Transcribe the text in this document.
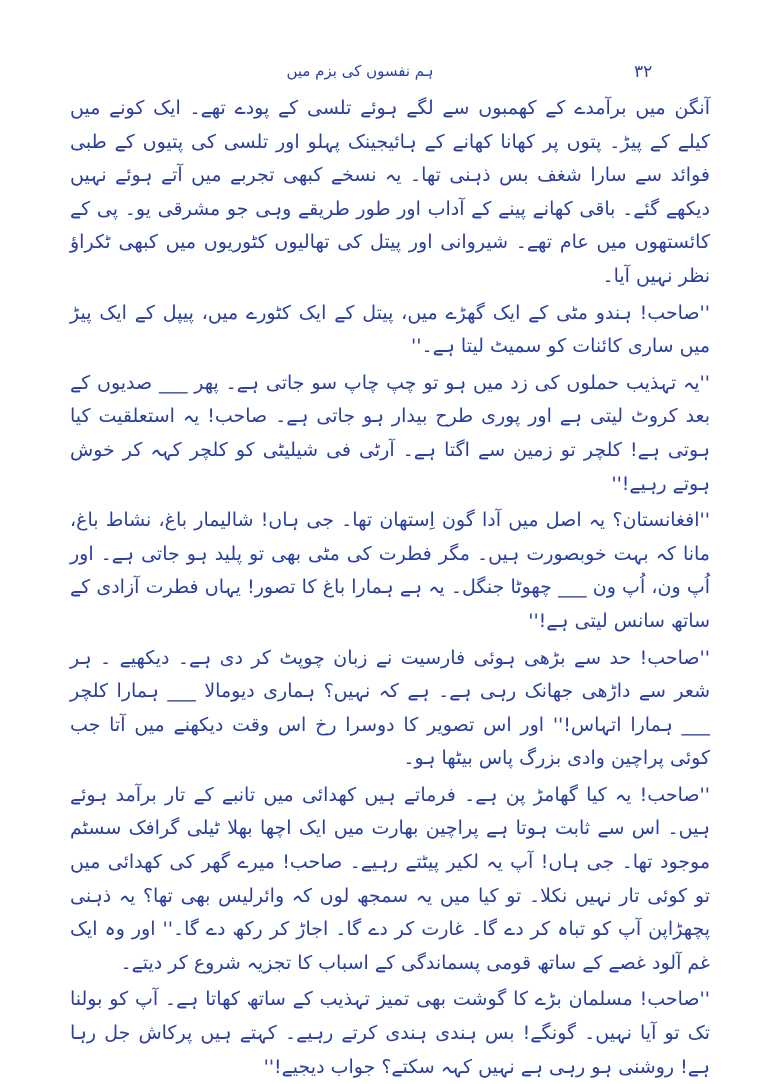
۳۲
ہم نفسوں کی بزم میں

آنگن میں برآمدے کے کھمبوں سے لگے ہوئے تلسی کے پودے تھے۔ ایک کونے میں کیلے کے پیڑ۔ پتوں پر کھانا کھانے کے ہائیجینک پہلو اور تلسی کی پتیوں کے طبی فوائد سے سارا شغف بس ذہنی تھا۔ یہ نسخے کبھی تجربے میں آتے ہوئے نہیں دیکھے گئے۔ باقی کھانے پینے کے آداب اور طور طریقے وہی جو مشرقی یو۔ پی کے کائستھوں میں عام تھے۔ شیروانی اور پیتل کی تھالیوں کٹوریوں میں کبھی ٹکراؤ نظر نہیں آیا۔

''صاحب! ہندو مٹی کے ایک گھڑے میں، پیتل کے ایک کٹورے میں، پیپل کے ایک پیڑ میں ساری کائنات کو سمیٹ لیتا ہے۔''

''یہ تہذیب حملوں کی زد میں ہو تو چپ چاپ سو جاتی ہے۔ پھر ___ صدیوں کے بعد کروٹ لیتی ہے اور پوری طرح بیدار ہو جاتی ہے۔ صاحب! یہ استعلقیت کیا ہوتی ہے! کلچر تو زمین سے اگتا ہے۔ آرٹی فی شیلیٹی کو کلچر کہہ کر خوش ہوتے رہیے!''

''افغانستان؟ یہ اصل میں آدا گون اِستھان تھا۔ جی ہاں! شالیمار باغ، نشاط باغ، مانا کہ بہت خوبصورت ہیں۔ مگر فطرت کی مٹی بھی تو پلید ہو جاتی ہے۔ اور اُپ ون، اُپ ون ___ چھوٹا جنگل۔ یہ ہے ہمارا باغ کا تصور! یہاں فطرت آزادی کے ساتھ سانس لیتی ہے!''

''صاحب! حد سے بڑھی ہوئی فارسیت نے زبان چوپٹ کر دی ہے۔ دیکھیے ۔ ہر شعر سے داڑھی جھانک رہی ہے۔ ہے کہ نہیں؟ ہماری دیومالا ___ ہمارا کلچر ___ ہمارا اتہاس!'' اور اس تصویر کا دوسرا رخ اس وقت دیکھنے میں آتا جب کوئی پراچین وادی بزرگ پاس بیٹھا ہو۔

''صاحب! یہ کیا گھامڑ پن ہے۔ فرماتے ہیں کھدائی میں تانبے کے تار برآمد ہوئے ہیں۔ اس سے ثابت ہوتا ہے پراچین بھارت میں ایک اچھا بھلا ٹیلی گرافک سسٹم موجود تھا۔ جی ہاں! آپ یہ لکیر پیٹتے رہیے۔ صاحب! میرے گھر کی کھدائی میں تو کوئی تار نہیں نکلا۔ تو کیا میں یہ سمجھ لوں کہ وائرلیس بھی تھا؟ یہ ذہنی پچھڑاپن آپ کو تباہ کر دے گا۔ غارت کر دے گا۔ اجاڑ کر رکھ دے گا۔'' اور وہ ایک غم آلود غصے کے ساتھ قومی پسماندگی کے اسباب کا تجزیہ شروع کر دیتے۔

''صاحب! مسلمان بڑے کا گوشت بھی تمیز تہذیب کے ساتھ کھاتا ہے۔ آپ کو بولنا تک تو آیا نہیں۔ گونگے! بس ہندی ہندی کرتے رہیے۔ کہتے ہیں پرکاش جل رہا ہے! روشنی ہو رہی ہے نہیں کہہ سکتے؟ جواب دیجیے!''
